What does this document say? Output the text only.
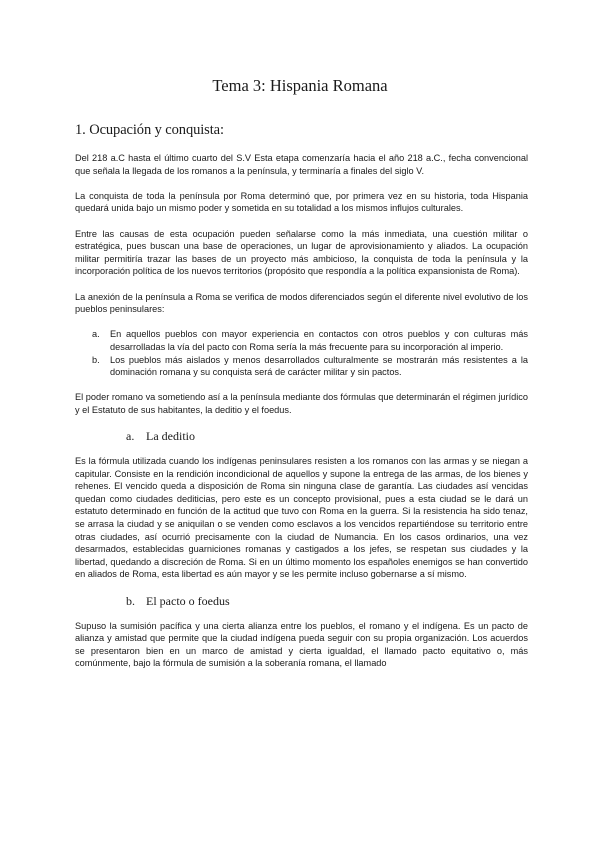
Tema 3: Hispania Romana
1. Ocupación y conquista:

Del 218 a.C hasta el último cuarto del S.V Esta etapa comenzaría hacia el año 218 a.C., fecha convencional que señala la llegada de los romanos a la península, y terminaría a finales del siglo V.

La conquista de toda la península por Roma determinó que, por primera vez en su historia, toda Hispania quedará unida bajo un mismo poder y sometida en su totalidad a los mismos influjos culturales.

Entre las causas de esta ocupación pueden señalarse como la más inmediata, una cuestión militar o estratégica, pues buscan una base de operaciones, un lugar de aprovisionamiento y aliados. La ocupación militar permitiría trazar las bases de un proyecto más ambicioso, la conquista de toda la península y la incorporación política de los nuevos territorios (propósito que respondía a la política expansionista de Roma).

La anexión de la península a Roma se verifica de modos diferenciados según el diferente nivel evolutivo de los pueblos peninsulares:

a. En aquellos pueblos con mayor experiencia en contactos con otros pueblos y con culturas más desarrolladas la vía del pacto con Roma sería la más frecuente para su incorporación al imperio.
b. Los pueblos más aislados y menos desarrollados culturalmente se mostrarán más resistentes a la dominación romana y su conquista será de carácter militar y sin pactos.

El poder romano va sometiendo así a la península mediante dos fórmulas que determinarán el régimen jurídico y el Estatuto de sus habitantes, la deditio y el foedus.

a. La deditio

Es la fórmula utilizada cuando los indígenas peninsulares resisten a los romanos con las armas y se niegan a capitular. Consiste en la rendición incondicional de aquellos y supone la entrega de las armas, de los bienes y rehenes. El vencido queda a disposición de Roma sin ninguna clase de garantía. Las ciudades así vencidas quedan como ciudades dediticias, pero este es un concepto provisional, pues a esta ciudad se le dará un estatuto determinado en función de la actitud que tuvo con Roma en la guerra. Si la resistencia ha sido tenaz, se arrasa la ciudad y se aniquilan o se venden como esclavos a los vencidos repartiéndose su territorio entre otras ciudades, así ocurrió precisamente con la ciudad de Numancia. En los casos ordinarios, una vez desarmados, establecidas guarniciones romanas y castigados a los jefes, se respetan sus ciudades y la libertad, quedando a discreción de Roma. Si en un último momento los españoles enemigos se han convertido en aliados de Roma, esta libertad es aún mayor y se les permite incluso gobernarse a sí mismo.

b. El pacto o foedus

Supuso la sumisión pacífica y una cierta alianza entre los pueblos, el romano y el indígena. Es un pacto de alianza y amistad que permite que la ciudad indígena pueda seguir con su propia organización. Los acuerdos se presentaron bien en un marco de amistad y cierta igualdad, el llamado pacto equitativo o, más comúnmente, bajo la fórmula de sumisión a la soberanía romana, el llamado
